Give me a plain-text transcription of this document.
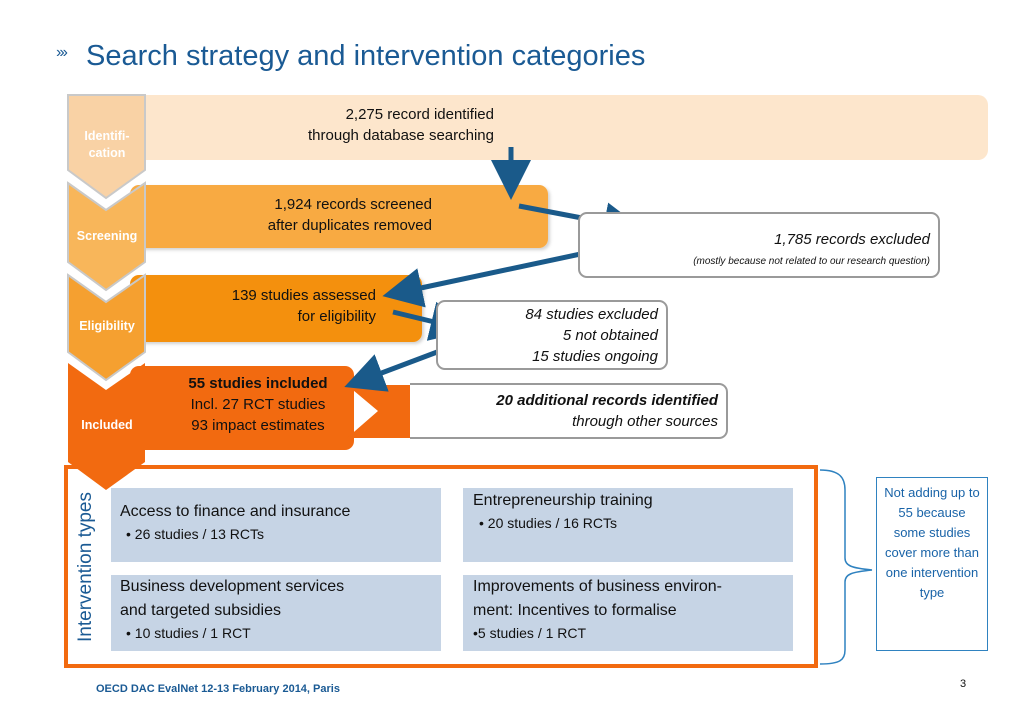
››› Search strategy and intervention categories
Identifi-
cation
Screening
Eligibility
Included
2,275 record identified
through database searching
1,924 records screened
after duplicates removed
1,785 records excluded
(mostly because not related to our research question)
139 studies assessed
for eligibility	84 studies excluded
5 not obtained
15 studies ongoing
55 studies included
Incl. 27 RCT studies
93 impact estimates
20 additional records identified
through other sources
Intervention types Access to finance and insurance
• 26 studies / 13 RCTs
Entrepreneurship training
• 20 studies / 16 RCTs
Business development services
and targeted subsidies
• 10 studies / 1 RCT
Improvements of business environ-
ment: Incentives to formalise
•5 studies / 1 RCT
Not adding up to 55 because some studies cover more than one intervention type
OECD DAC EvalNet 12-13 February 2014, Paris	3
